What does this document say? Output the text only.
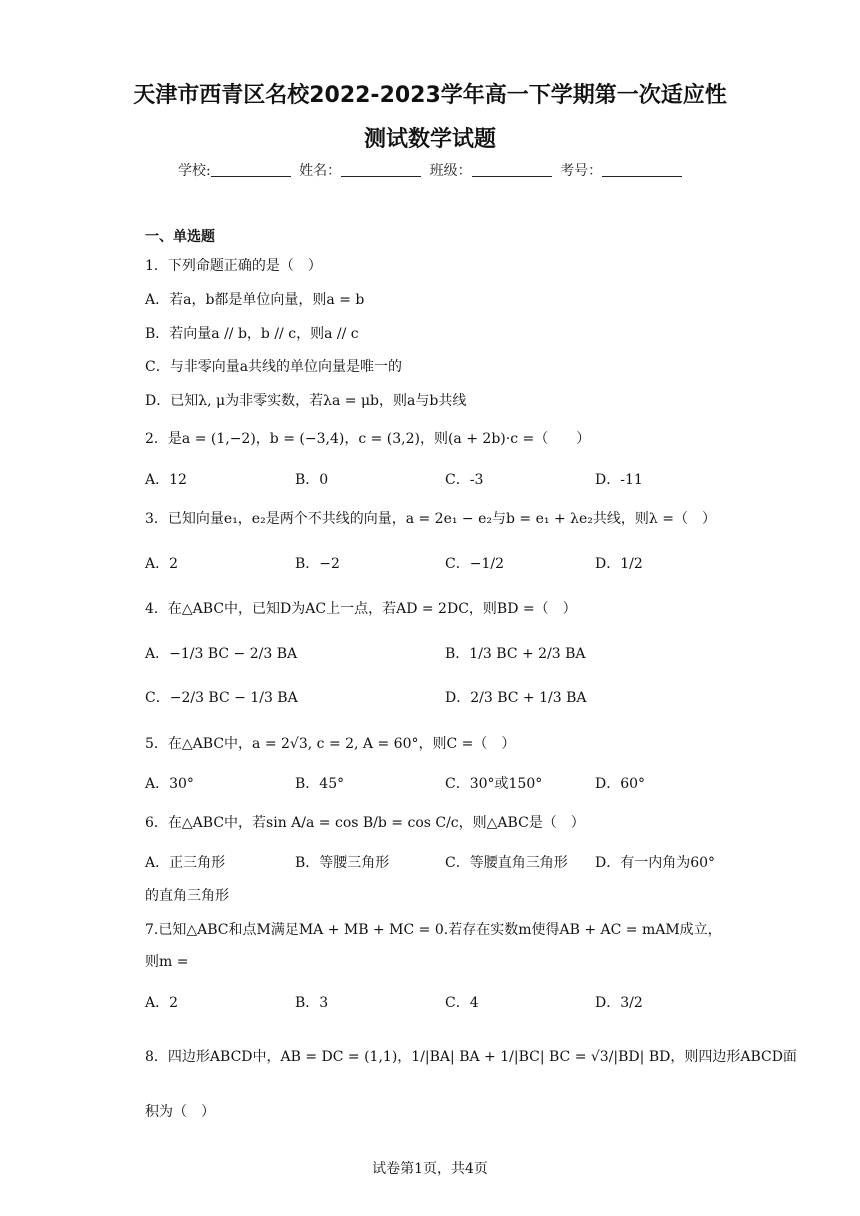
天津市西青区名校2022-2023学年高一下学期第一次适应性
测试数学试题
学校:	姓名：	班级：	考号：
一、单选题
1．下列命题正确的是（　）
A．若a，b都是单位向量，则a = b
B．若向量a // b，b // c，则a // c
C．与非零向量a共线的单位向量是唯一的
D．已知λ, μ为非零实数，若λa = μb，则a与b共线
2．是a = (1,−2)，b = (−3,4)，c = (3,2)，则(a + 2b)·c =（　　）
A．12	B．0	C．-3	D．-11
3．已知向量e₁，e₂是两个不共线的向量，a = 2e₁ − e₂与b = e₁ + λe₂共线，则λ =（　）
A．2	B．−2	C．−1/2	D．1/2
4．在△ABC中，已知D为AC上一点，若AD = 2DC，则BD =（　）
A．−1/3 BC − 2/3 BA	B．1/3 BC + 2/3 BA
C．−2/3 BC − 1/3 BA	D．2/3 BC + 1/3 BA
5．在△ABC中，a = 2√3, c = 2, A = 60°，则C =（　）
A．30°	B．45°	C．30°或150°	D．60°
6．在△ABC中，若sin A/a = cos B/b = cos C/c，则△ABC是（　）
A．正三角形	B．等腰三角形	C．等腰直角三角形 D．有一内角为60°
的直角三角形
7.已知△ABC和点M满足MA + MB + MC = 0.若存在实数m使得AB + AC = mAM成立，
则m =
A．2	B．3	C．4	D．3/2
8．四边形ABCD中，AB = DC = (1,1)，1/|BA| BA + 1/|BC| BC = √3/|BD| BD，则四边形ABCD面
积为（　）
试卷第1页，共4页
